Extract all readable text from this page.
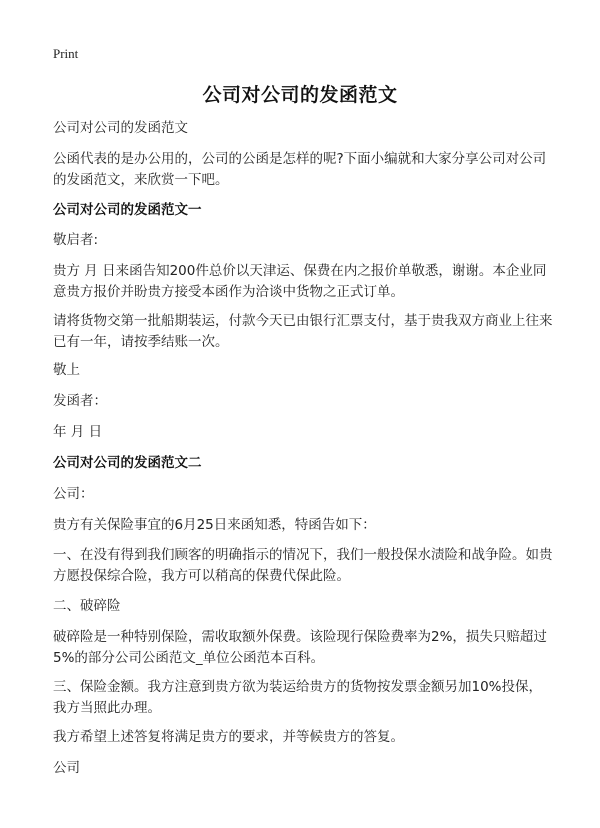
Print
公司对公司的发函范文
公司对公司的发函范文
公函代表的是办公用的，公司的公函是怎样的呢?下面小编就和大家分享公司对公司的发函范文，来欣赏一下吧。
公司对公司的发函范文一
敬启者:
贵方 月 日来函告知200件总价以天津运、保费在内之报价单敬悉，谢谢。本企业同意贵方报价并盼贵方接受本函作为洽谈中货物之正式订单。
请将货物交第一批船期装运，付款今天已由银行汇票支付，基于贵我双方商业上往来已有一年，请按季结账一次。
敬上
发函者：
年 月 日
公司对公司的发函范文二
公司：
贵方有关保险事宜的6月25日来函知悉，特函告如下：
一、在没有得到我们顾客的明确指示的情况下，我们一般投保水渍险和战争险。如贵方愿投保综合险，我方可以稍高的保费代保此险。
二、破碎险
破碎险是一种特别保险，需收取额外保费。该险现行保险费率为2%，损失只赔超过5%的部分公司公函范文_单位公函范本百科。
三、保险金额。我方注意到贵方欲为装运给贵方的货物按发票金额另加10%投保，我方当照此办理。
我方希望上述答复将满足贵方的要求，并等候贵方的答复。
公司
